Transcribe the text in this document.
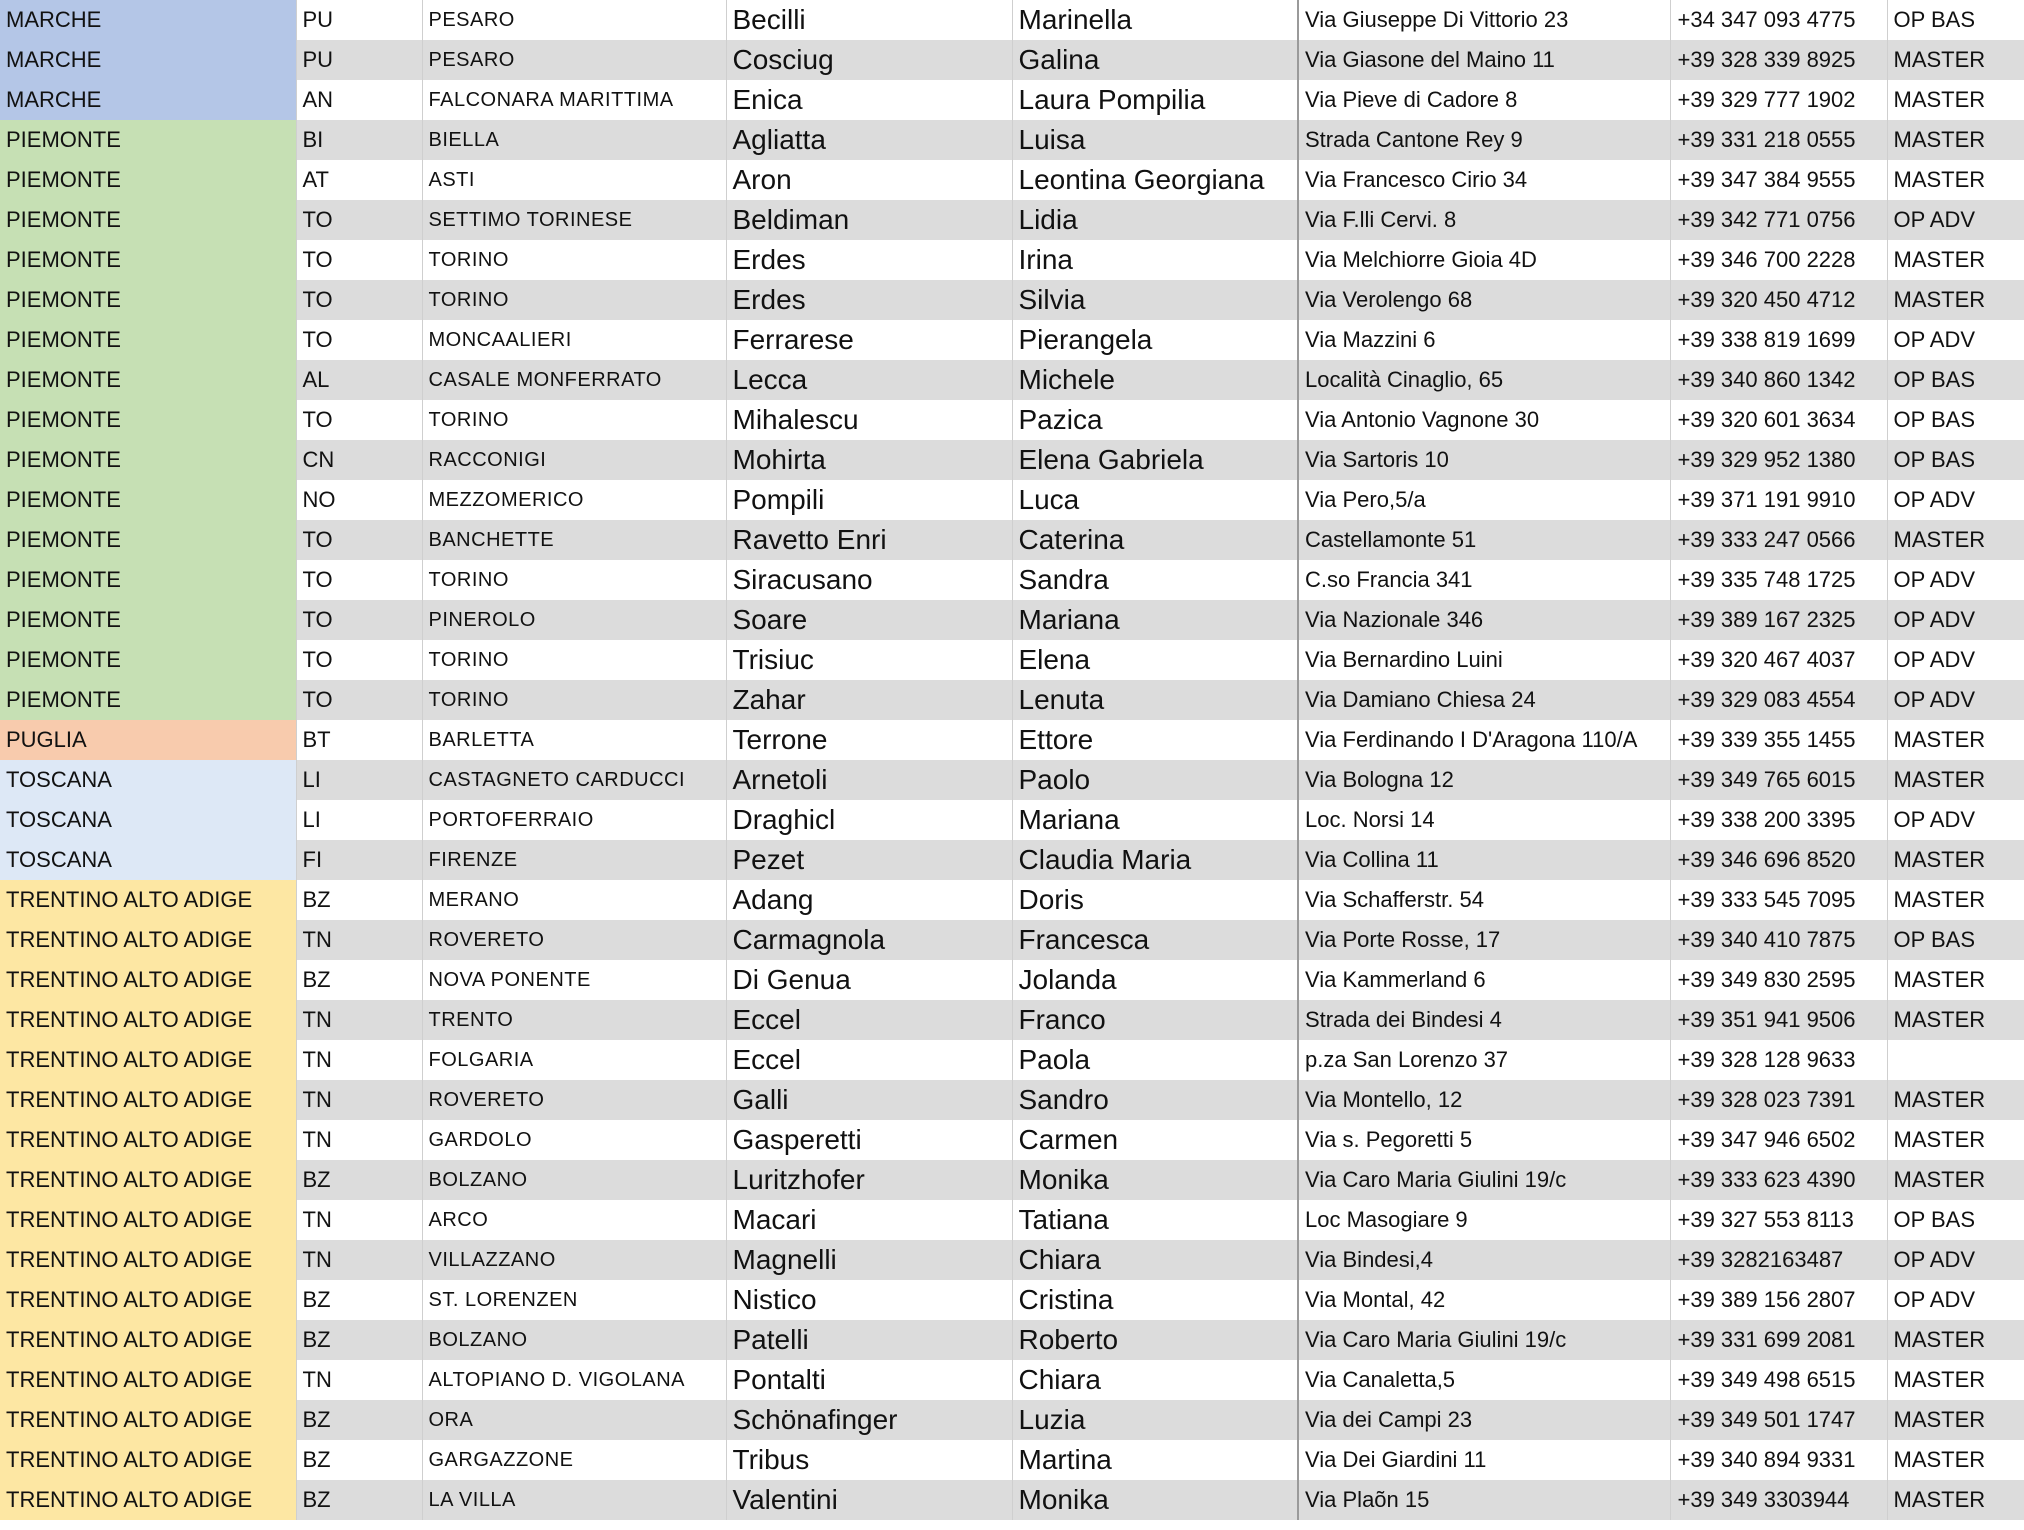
MARCHE	PU	PESARO	Becilli	Marinella	Via Giuseppe Di Vittorio 23	+34 347 093 4775	OP BAS	
MARCHE	PU	PESARO	Cosciug	Galina	Via Giasone del Maino 11	+39 328 339 8925	MASTER	
MARCHE	AN	FALCONARA MARITTIMA	Enica	Laura Pompilia	Via Pieve di Cadore 8	+39 329 777 1902	MASTER	
PIEMONTE	BI	BIELLA	Agliatta	Luisa	Strada Cantone Rey 9	+39 331 218 0555	MASTER	
PIEMONTE	AT	ASTI	Aron	Leontina Georgiana	Via Francesco Cirio 34	+39 347 384 9555	MASTER	
PIEMONTE	TO	SETTIMO TORINESE	Beldiman	Lidia	Via F.lli Cervi. 8	+39 342 771 0756	OP ADV	
PIEMONTE	TO	TORINO	Erdes	Irina	Via Melchiorre Gioia 4D	+39 346 700 2228	MASTER	
PIEMONTE	TO	TORINO	Erdes	Silvia	Via Verolengo 68	+39 320 450 4712	MASTER	
PIEMONTE	TO	MONCAALIERI	Ferrarese	Pierangela	Via Mazzini 6	+39 338 819 1699	OP ADV	
PIEMONTE	AL	CASALE MONFERRATO	Lecca	Michele	Località Cinaglio, 65	+39 340 860 1342	OP BAS	
PIEMONTE	TO	TORINO	Mihalescu	Pazica	Via Antonio Vagnone 30	+39 320 601 3634	OP BAS	
PIEMONTE	CN	RACCONIGI	Mohirta	Elena Gabriela	Via Sartoris 10	+39 329 952 1380	OP BAS	
PIEMONTE	NO	MEZZOMERICO	Pompili	Luca	Via Pero,5/a	+39 371 191 9910	OP ADV	
PIEMONTE	TO	BANCHETTE	Ravetto Enri	Caterina	Castellamonte 51	+39 333 247 0566	MASTER	
PIEMONTE	TO	TORINO	Siracusano	Sandra	C.so Francia 341	+39 335 748 1725	OP ADV	
PIEMONTE	TO	PINEROLO	Soare	Mariana	Via Nazionale 346	+39 389 167 2325	OP ADV	
PIEMONTE	TO	TORINO	Trisiuc	Elena	Via Bernardino Luini	+39 320 467 4037	OP ADV	
PIEMONTE	TO	TORINO	Zahar	Lenuta	Via Damiano Chiesa 24	+39 329 083 4554	OP ADV	
PUGLIA	BT	BARLETTA	Terrone	Ettore	Via Ferdinando I D'Aragona 110/A	+39 339 355 1455	MASTER	
TOSCANA	LI	CASTAGNETO CARDUCCI	Arnetoli	Paolo	Via Bologna 12	+39 349 765 6015	MASTER	
TOSCANA	LI	PORTOFERRAIO	Draghicl	Mariana	Loc. Norsi 14	+39 338 200 3395	OP ADV	
TOSCANA	FI	FIRENZE	Pezet	Claudia Maria	Via Collina 11	+39 346 696 8520	MASTER	
TRENTINO ALTO ADIGE	BZ	MERANO	Adang	Doris	Via Schafferstr. 54	+39 333 545 7095	MASTER	
TRENTINO ALTO ADIGE	TN	ROVERETO	Carmagnola	Francesca	Via Porte Rosse, 17	+39 340 410 7875	OP BAS	
TRENTINO ALTO ADIGE	BZ	NOVA PONENTE	Di Genua	Jolanda	Via Kammerland 6	+39 349 830 2595	MASTER	
TRENTINO ALTO ADIGE	TN	TRENTO	Eccel	Franco	Strada dei Bindesi 4	+39 351 941 9506	MASTER	
TRENTINO ALTO ADIGE	TN	FOLGARIA	Eccel	Paola	p.za San Lorenzo 37	+39 328 128 9633		
TRENTINO ALTO ADIGE	TN	ROVERETO	Galli	Sandro	Via Montello, 12	+39 328 023 7391	MASTER	
TRENTINO ALTO ADIGE	TN	GARDOLO	Gasperetti	Carmen	Via s. Pegoretti 5	+39 347 946 6502	MASTER	
TRENTINO ALTO ADIGE	BZ	BOLZANO	Luritzhofer	Monika	Via Caro Maria Giulini 19/c	+39 333 623 4390	MASTER	
TRENTINO ALTO ADIGE	TN	ARCO	Macari	Tatiana	Loc Masogiare 9	+39 327 553 8113	OP BAS	
TRENTINO ALTO ADIGE	TN	VILLAZZANO	Magnelli	Chiara	Via Bindesi,4	+39 3282163487	OP ADV	
TRENTINO ALTO ADIGE	BZ	ST. LORENZEN	Nistico	Cristina	Via Montal, 42	+39 389 156 2807	OP ADV	
TRENTINO ALTO ADIGE	BZ	BOLZANO	Patelli	Roberto	Via Caro Maria Giulini 19/c	+39 331 699 2081	MASTER	
TRENTINO ALTO ADIGE	TN	ALTOPIANO D. VIGOLANA	Pontalti	Chiara	Via Canaletta,5	+39 349 498 6515	MASTER	
TRENTINO ALTO ADIGE	BZ	ORA	Schönafinger	Luzia	Via dei Campi 23	+39 349 501 1747	MASTER	
TRENTINO ALTO ADIGE	BZ	GARGAZZONE	Tribus	Martina	Via Dei Giardini 11	+39 340 894 9331	MASTER	
TRENTINO ALTO ADIGE	BZ	LA VILLA	Valentini	Monika	Via Plaõn 15	+39 349 3303944	MASTER	
